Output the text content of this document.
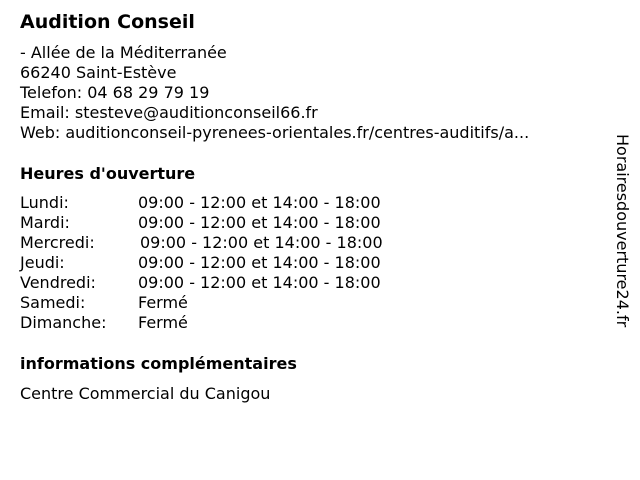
Audition Conseil
- Allée de la Méditerranée
66240 Saint-Estève
Telefon: 04 68 29 79 19
Email: stesteve@auditionconseil66.fr
Web: auditionconseil-pyrenees-orientales.fr/centres-auditifs/a...
Heures d'ouverture
Lundi:	09:00 - 12:00 et 14:00 - 18:00
Mardi:	09:00 - 12:00 et 14:00 - 18:00
Mercredi:	09:00 - 12:00 et 14:00 - 18:00
Jeudi:	09:00 - 12:00 et 14:00 - 18:00
Vendredi:	09:00 - 12:00 et 14:00 - 18:00
Samedi:	Fermé
Dimanche: Fermé
informations complémentaires
Centre Commercial du Canigou
Horairesdouverture24.fr
